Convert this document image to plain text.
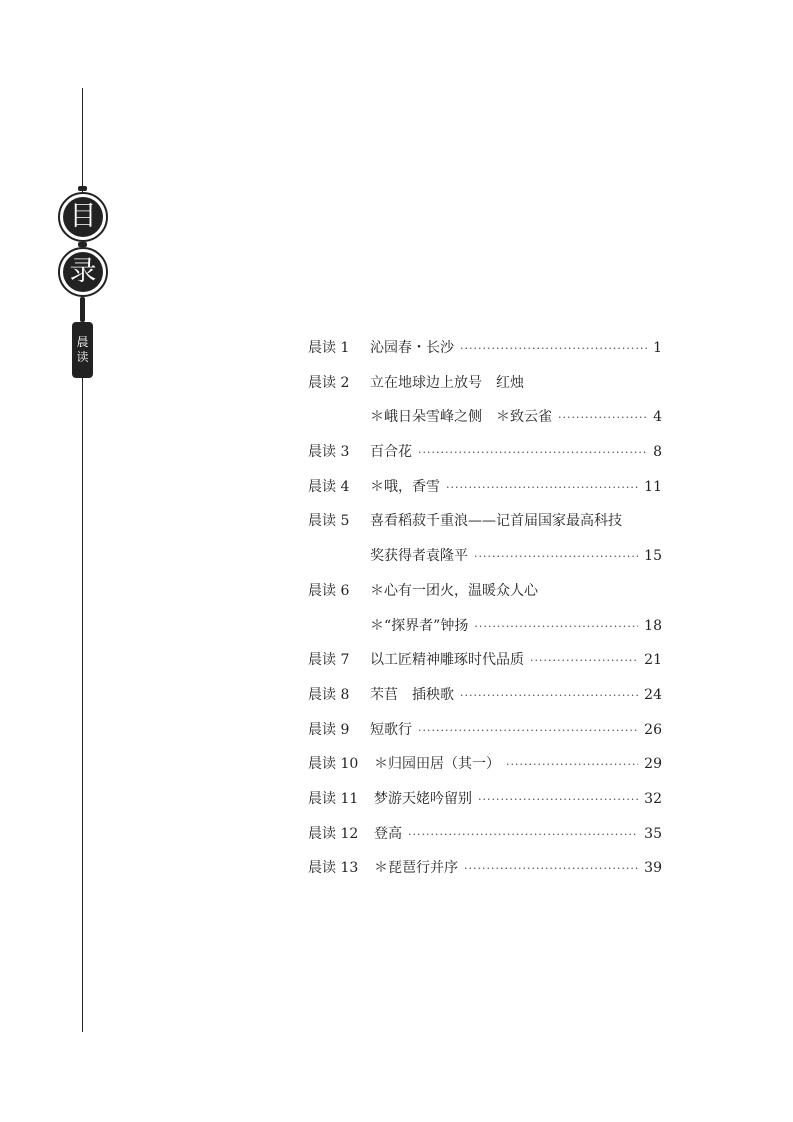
目
录
晨
读
晨读 1	沁园春・长沙 ·····	1
晨读 2	立在地球边上放号　红烛
＊峨日朵雪峰之侧　＊致云雀 ·····	4
晨读 3	百合花 ·····	8
晨读 4	＊哦，香雪 ·····	11
晨读 5	喜看稻菽千重浪——记首届国家最高科技
奖获得者袁隆平 ·····	15
晨读 6	＊心有一团火，温暖众人心
＊“探界者”钟扬 ·····	18
晨读 7	以工匠精神雕琢时代品质 ·····	21
晨读 8	芣苢　插秧歌 ·····	24
晨读 9	短歌行 ·····	26
晨读 10	＊归园田居（其一） ·····	29
晨读 11	梦游天姥吟留别 ·····	32
晨读 12	登高 ·····	35
晨读 13	＊琵琶行并序 ·····	39
